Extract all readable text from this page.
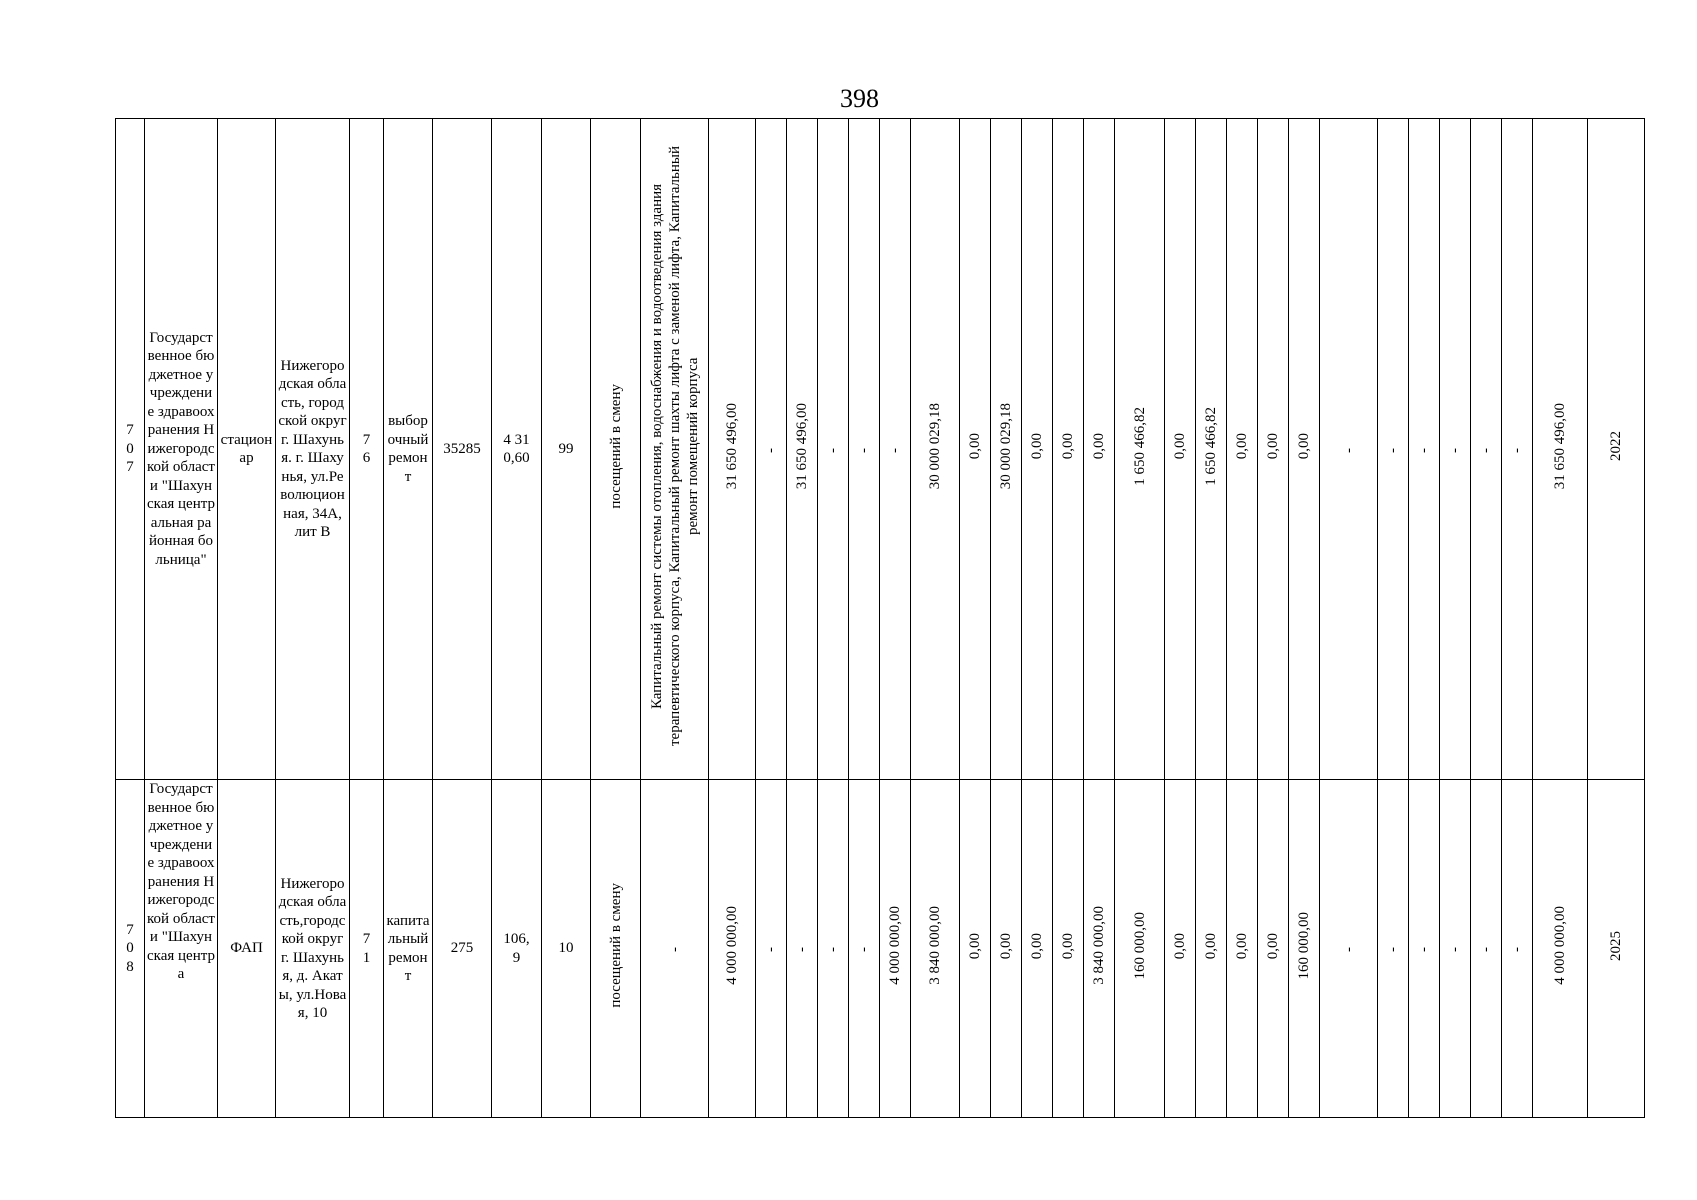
398
707	Государственное бюджетное учреждение здравоохранения Нижегородской области "Шахунская центральная районная больница"	стационар	Нижегородская область, городской округ г. Шахунья. г. Шахунья, ул.Революционная, 34А, лит В	76	выборочный ремонт	35285	4 310,60	99	посещений в смену	Капитальный ремонт системы отопления, водоснабжения и водоотведения здания терапевтического корпуса, Капитальный ремонт шахты лифта с заменой лифта, Капитальный ремонт помещений корпуса	31 650 496,00	-	31 650 496,00	-	-	-	30 000 029,18	0,00	30 000 029,18	0,00	0,00	0,00	1 650 466,82	0,00	1 650 466,82	0,00	0,00	0,00	-	-	-	-	-	-	31 650 496,00	2022

708	Государственное бюджетное учреждение здравоохранения Нижегородской области "Шахунская центра	ФАП	Нижегородская область,городской округ г. Шахунья, д. Акаты, ул.Новая, 10	71	капитальный ремонт	275	106,9	10	посещений в смену	-	4 000 000,00	-	-	-	-	4 000 000,00	3 840 000,00	0,00	0,00	0,00	0,00	3 840 000,00	160 000,00	0,00	0,00	0,00	0,00	160 000,00	-	-	-	-	-	-	4 000 000,00	2025
